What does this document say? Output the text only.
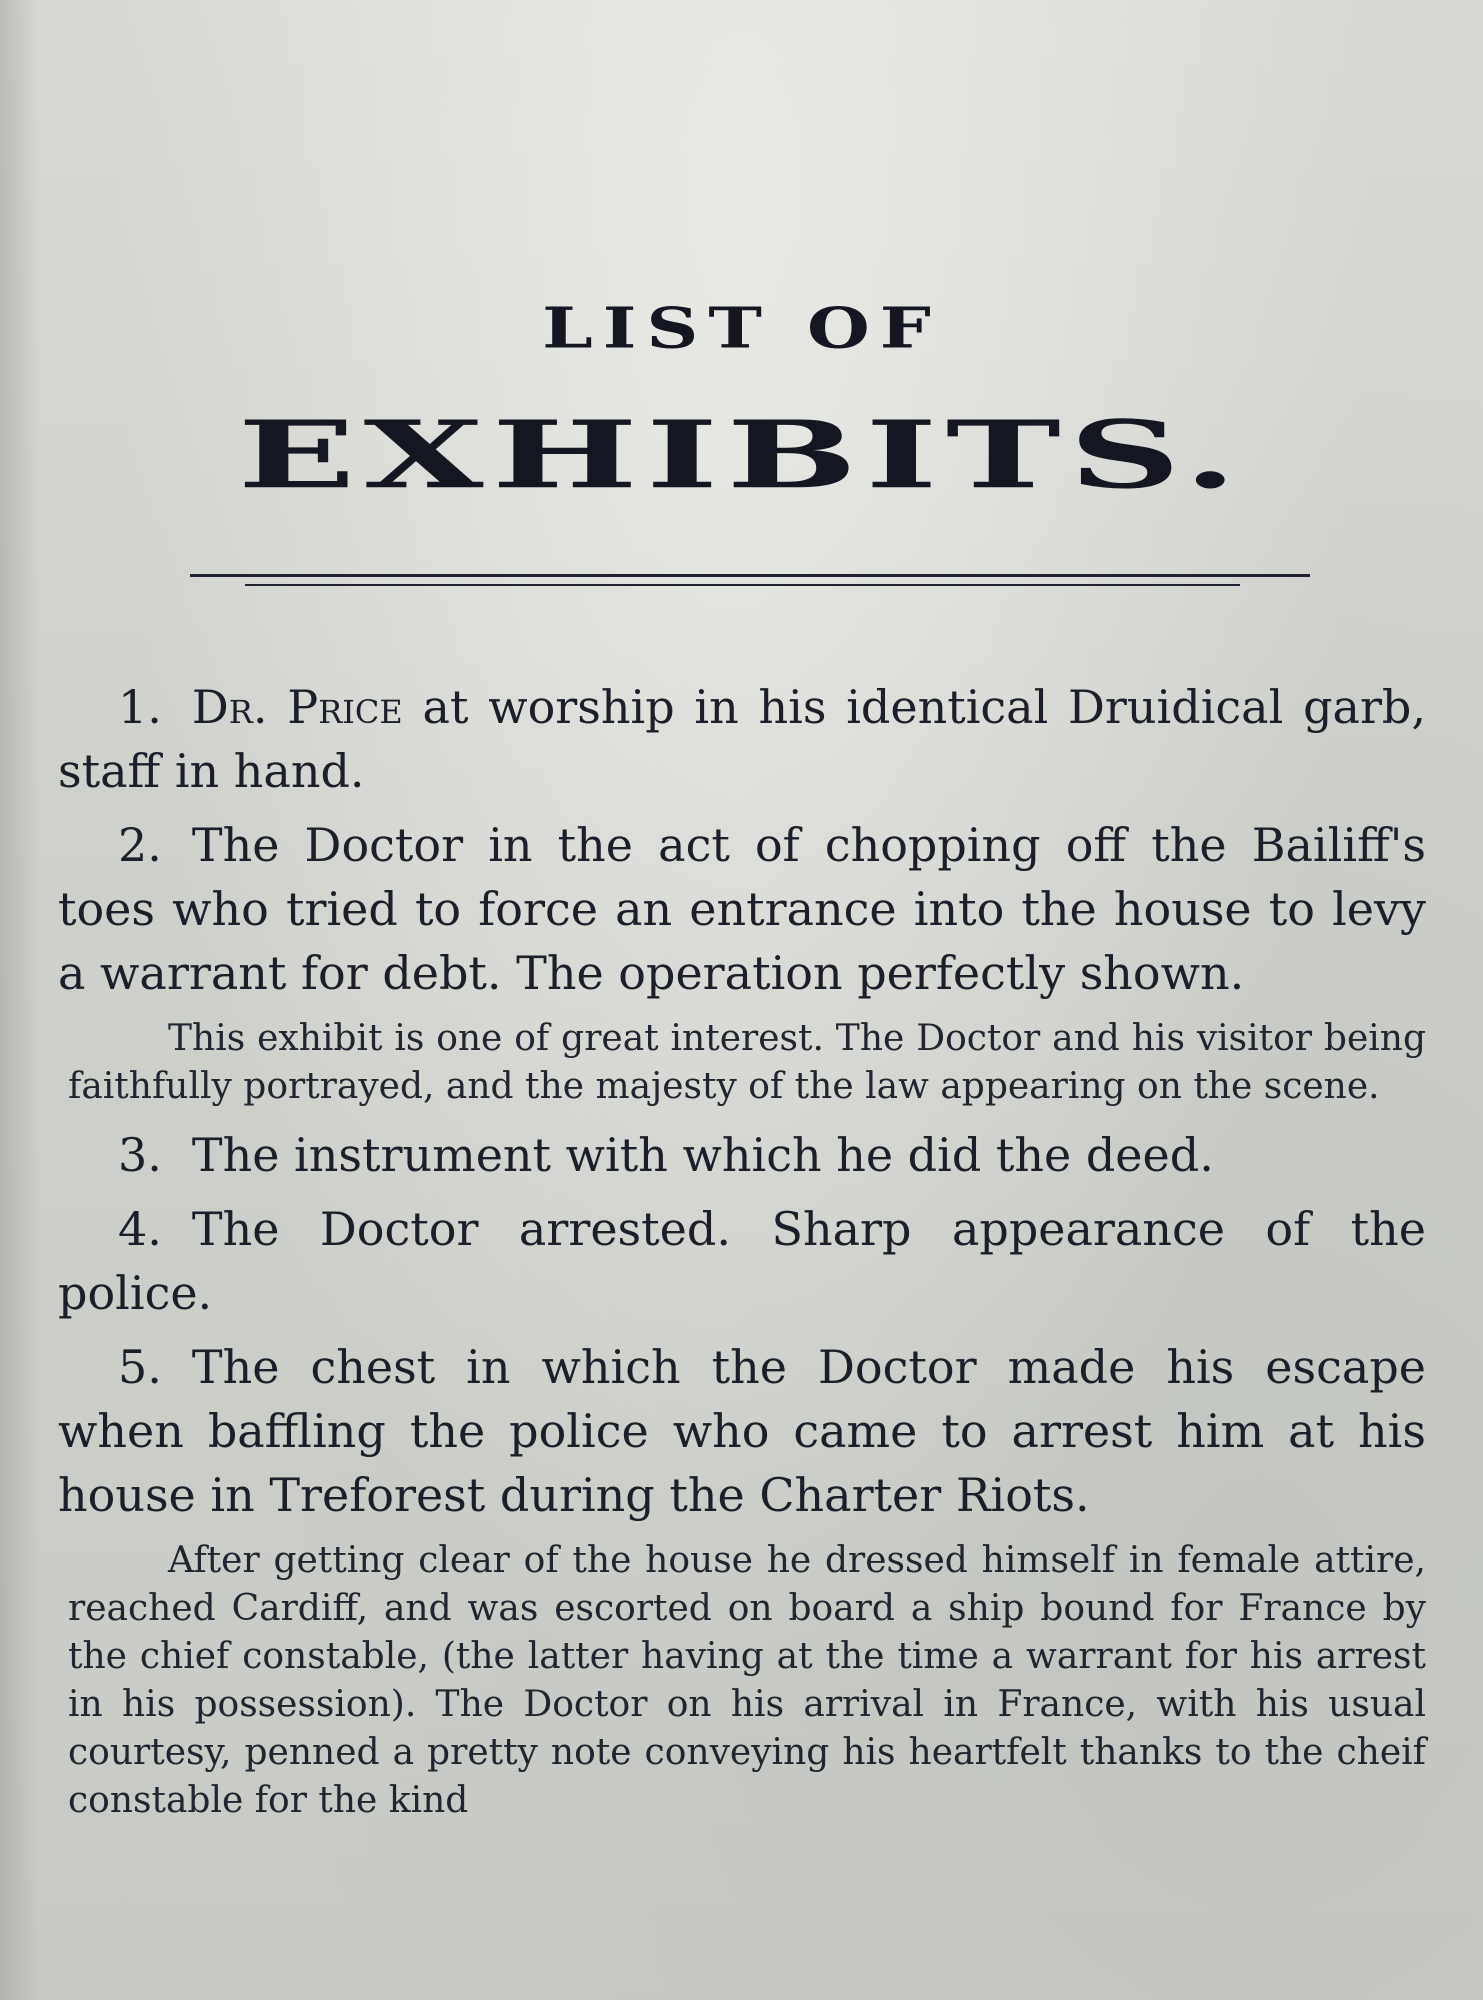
LIST OF
EXHIBITS.

1. Dr. Price at worship in his identical Druidical garb, staff in hand.

2. The Doctor in the act of chopping off the Bailiff's toes who tried to force an entrance into the house to levy a warrant for debt. The operation perfectly shown.

This exhibit is one of great interest. The Doctor and his visitor being faithfully portrayed, and the majesty of the law appearing on the scene.

3. The instrument with which he did the deed.

4. The Doctor arrested. Sharp appearance of the police.

5. The chest in which the Doctor made his escape when baffling the police who came to arrest him at his house in Treforest during the Charter Riots.

After getting clear of the house he dressed himself in female attire, reached Cardiff, and was escorted on board a ship bound for France by the chief constable, (the latter having at the time a warrant for his arrest in his possession). The Doctor on his arrival in France, with his usual courtesy, penned a pretty note conveying his heartfelt thanks to the cheif constable for the kind
